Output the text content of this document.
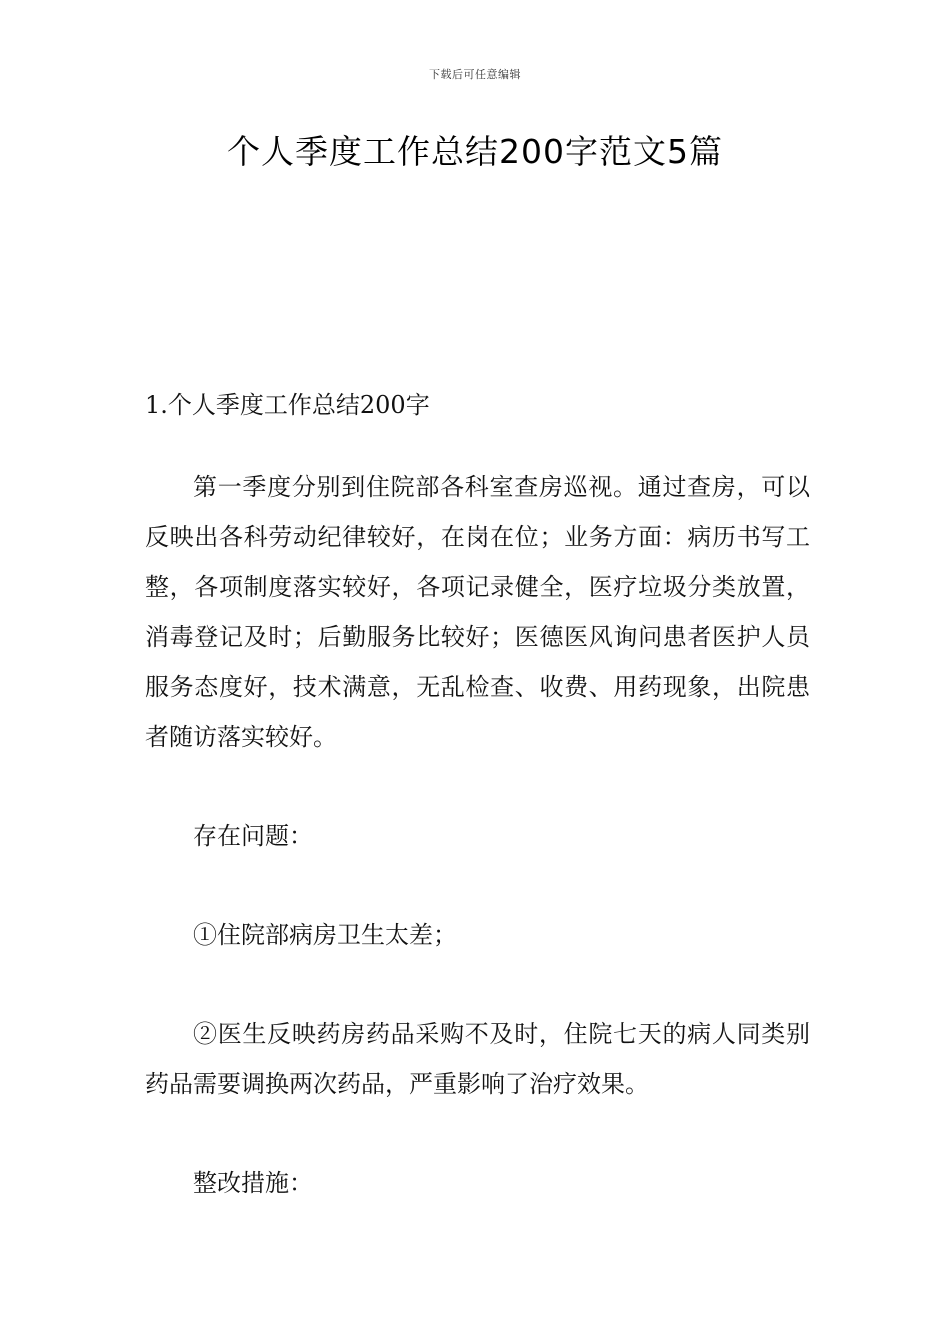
下载后可任意编辑
个人季度工作总结200字范文5篇

1.个人季度工作总结200字

第一季度分别到住院部各科室查房巡视。通过查房，可以反映出各科劳动纪律较好，在岗在位；业务方面：病历书写工整，各项制度落实较好，各项记录健全，医疗垃圾分类放置，消毒登记及时；后勤服务比较好；医德医风询问患者医护人员服务态度好，技术满意，无乱检查、收费、用药现象，出院患者随访落实较好。

存在问题：

①住院部病房卫生太差；

②医生反映药房药品采购不及时，住院七天的病人同类别药品需要调换两次药品，严重影响了治疗效果。

整改措施：
